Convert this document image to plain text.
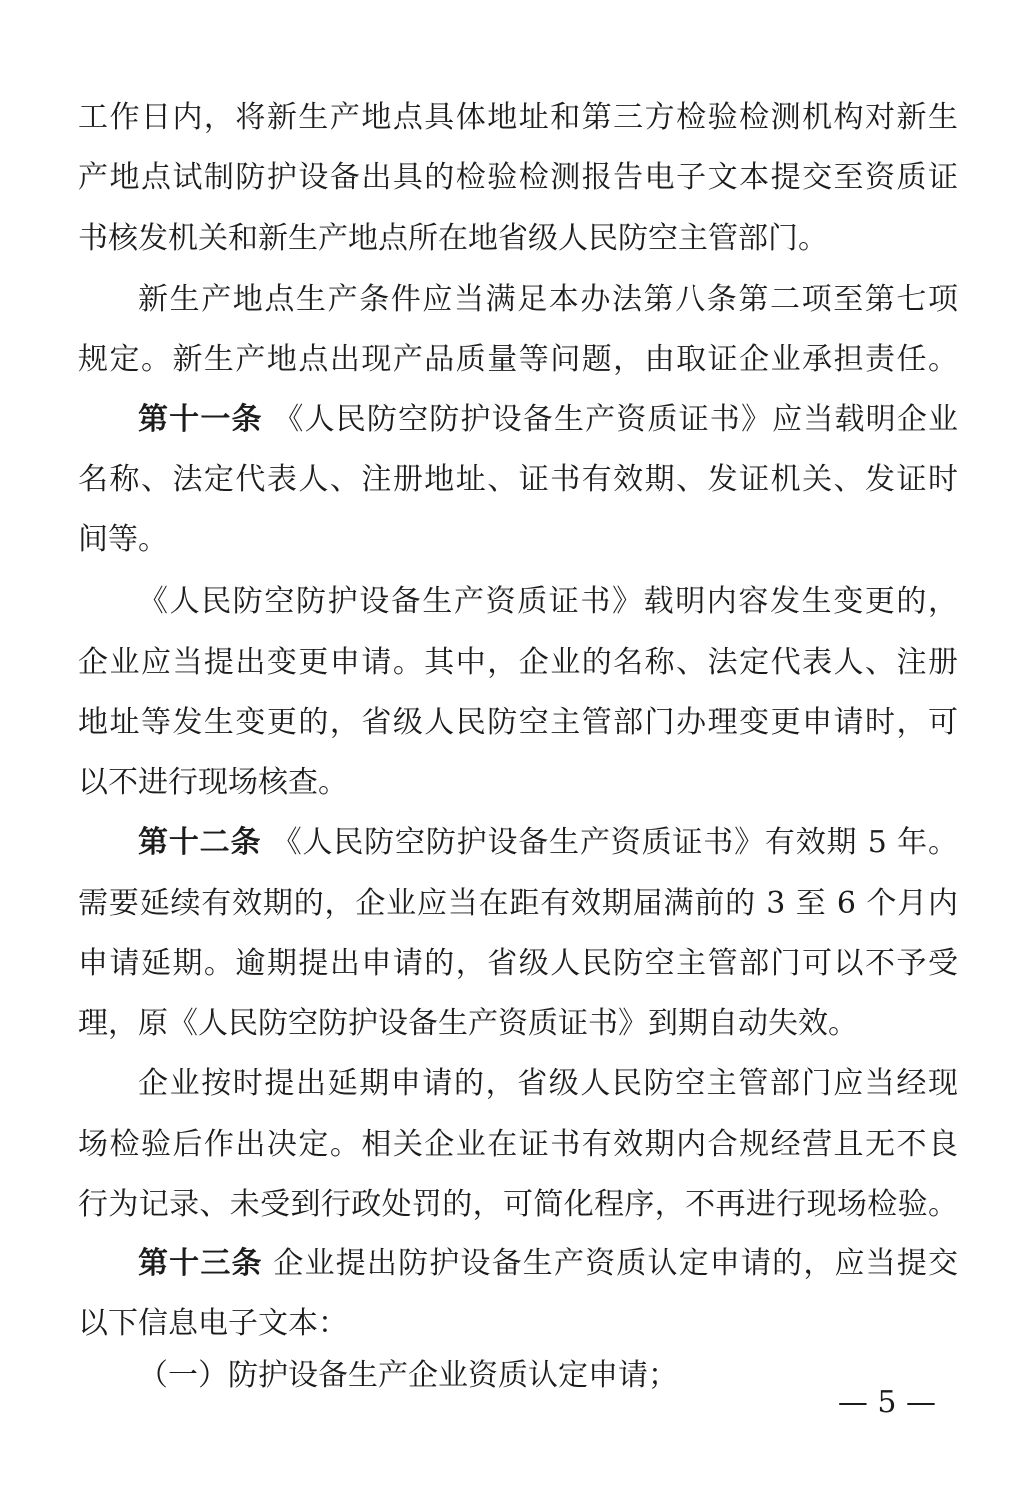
工作日内，将新生产地点具体地址和第三方检验检测机构对新生
产地点试制防护设备出具的检验检测报告电子文本提交至资质证
书核发机关和新生产地点所在地省级人民防空主管部门。
新生产地点生产条件应当满足本办法第八条第二项至第七项
规定。新生产地点出现产品质量等问题，由取证企业承担责任。
第十一条 《人民防空防护设备生产资质证书》应当载明企业
名称、法定代表人、注册地址、证书有效期、发证机关、发证时
间等。
《人民防空防护设备生产资质证书》载明内容发生变更的，
企业应当提出变更申请。其中，企业的名称、法定代表人、注册
地址等发生变更的，省级人民防空主管部门办理变更申请时，可
以不进行现场核查。
第十二条 《人民防空防护设备生产资质证书》有效期 5 年。
需要延续有效期的，企业应当在距有效期届满前的 3 至 6 个月内
申请延期。逾期提出申请的，省级人民防空主管部门可以不予受
理，原《人民防空防护设备生产资质证书》到期自动失效。
企业按时提出延期申请的，省级人民防空主管部门应当经现
场检验后作出决定。相关企业在证书有效期内合规经营且无不良
行为记录、未受到行政处罚的，可简化程序，不再进行现场检验。
第十三条 企业提出防护设备生产资质认定申请的，应当提交
以下信息电子文本：
（一）防护设备生产企业资质认定申请；
— 5 —
